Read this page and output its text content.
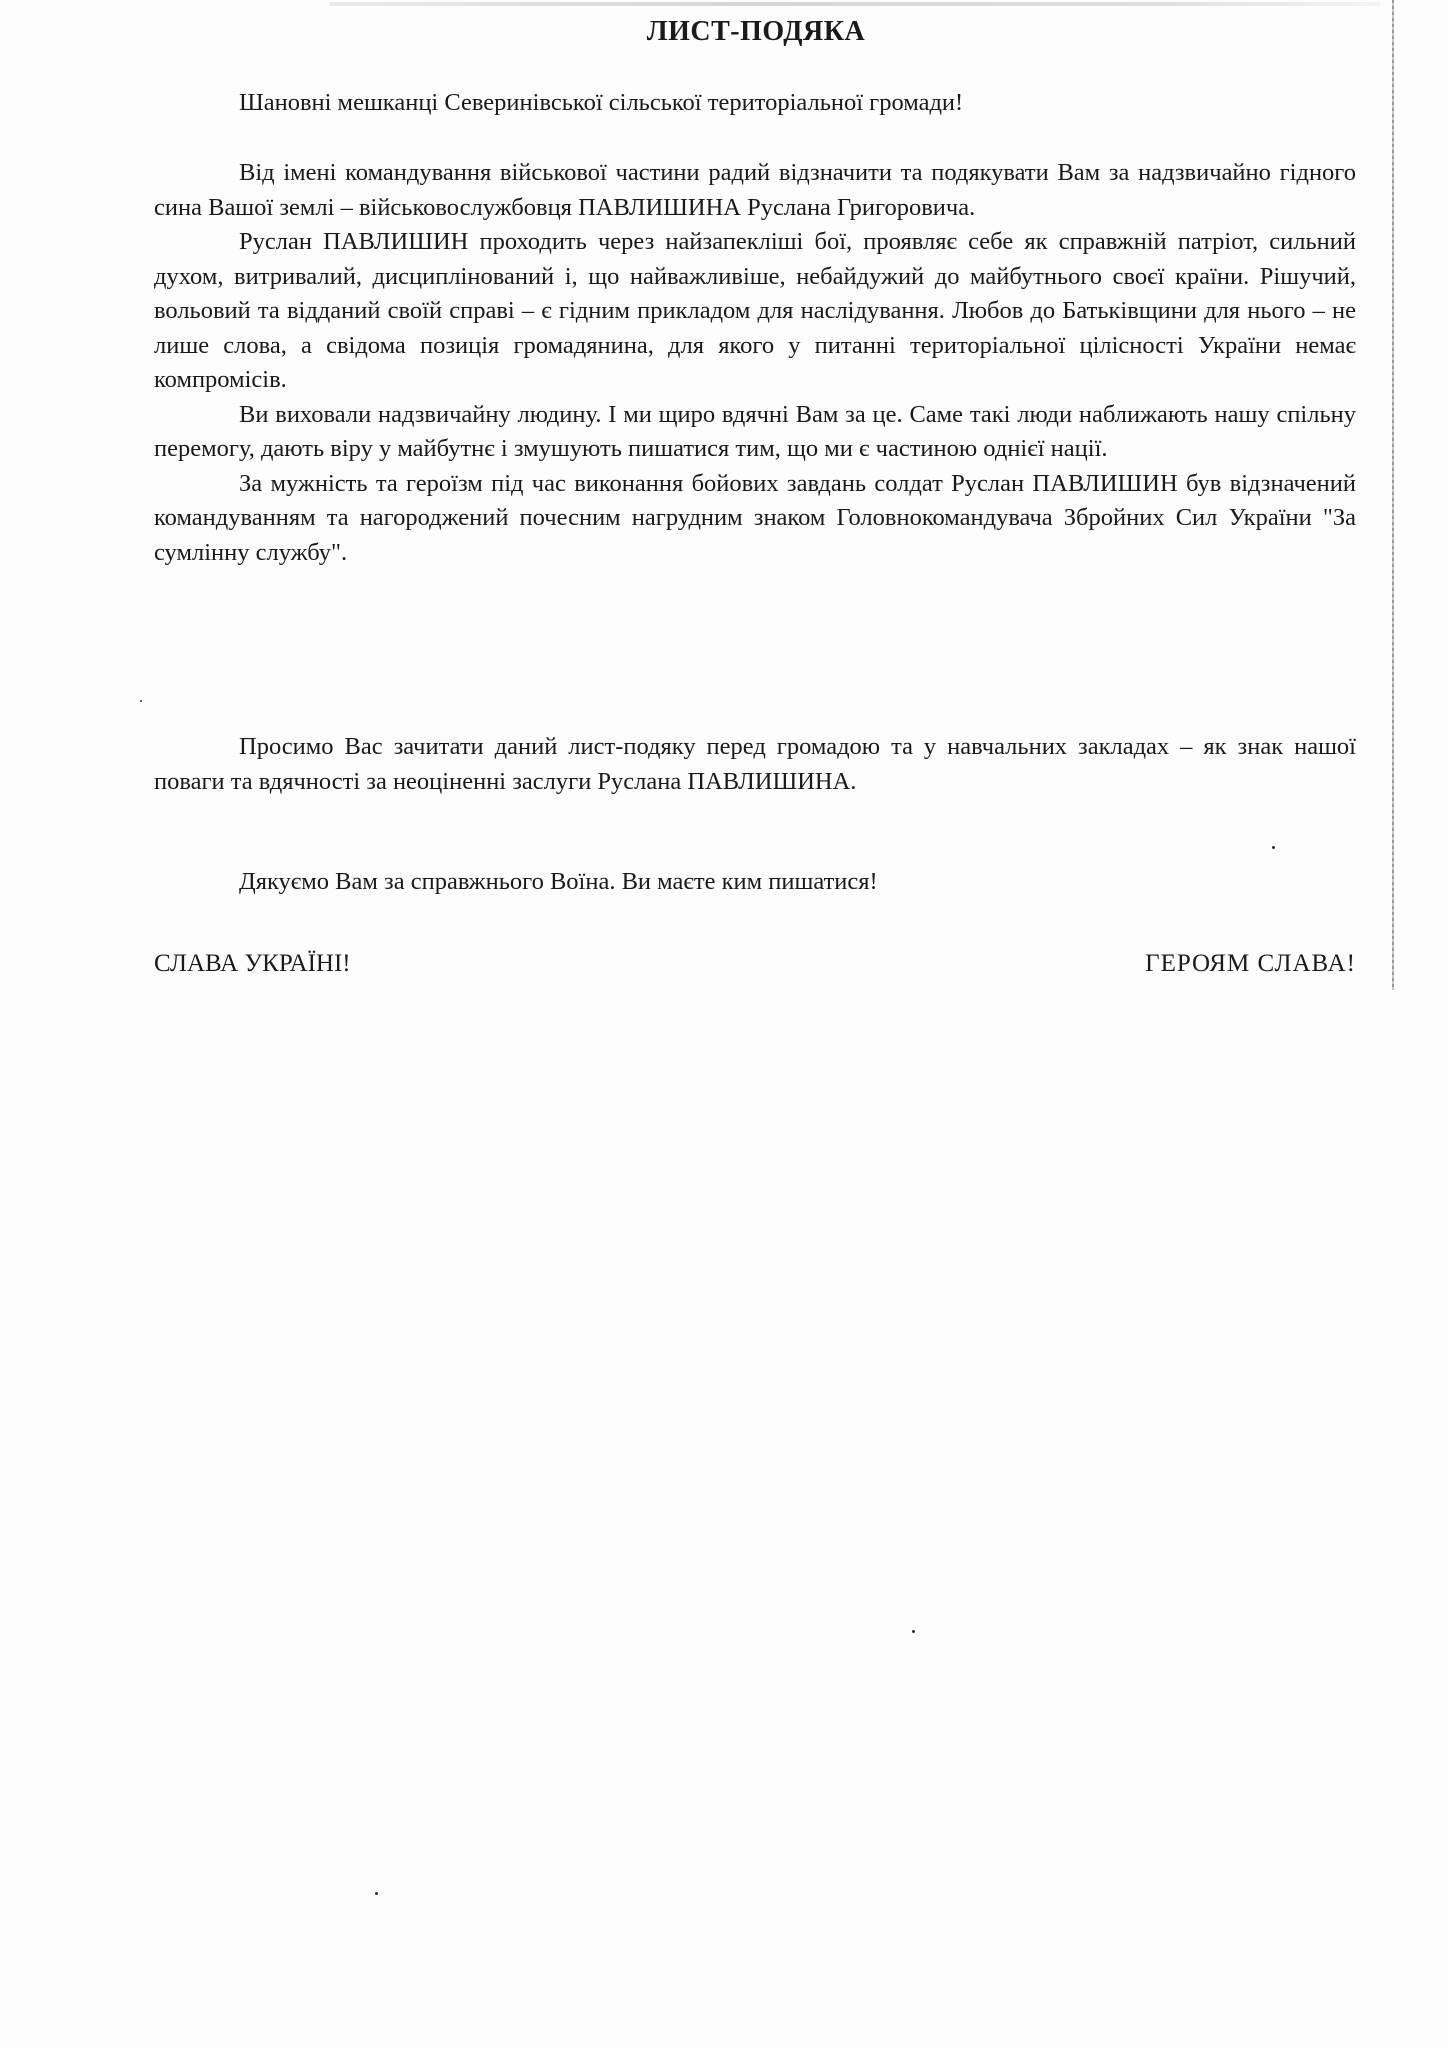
ЛИСТ-ПОДЯКА

Шановні мешканці Северинівської сільської територіальної громади!

Від імені командування військової частини радий відзначити та подякувати Вам за надзвичайно гідного сина Вашої землі – військовослужбовця ПАВЛИШИНА Руслана Григоровича.

Руслан ПАВЛИШИН проходить через найзапекліші бої, проявляє себе як справжній патріот, сильний духом, витривалий, дисциплінований і, що найважливіше, небайдужий до майбутнього своєї країни. Рішучий, вольовий та відданий своїй справі – є гідним прикладом для наслідування. Любов до Батьківщини для нього – не лише слова, а свідома позиція громадянина, для якого у питанні територіальної цілісності України немає компромісів.

Ви виховали надзвичайну людину. І ми щиро вдячні Вам за це. Саме такі люди наближають нашу спільну перемогу, дають віру у майбутнє і змушують пишатися тим, що ми є частиною однієї нації.

За мужність та героїзм під час виконання бойових завдань солдат Руслан ПАВЛИШИН був відзначений командуванням та нагороджений почесним нагрудним знаком Головнокомандувача Збройних Сил України "За сумлінну службу".

Просимо Вас зачитати даний лист-подяку перед громадою та у навчальних закладах – як знак нашої поваги та вдячності за неоціненні заслуги Руслана ПАВЛИШИНА.

Дякуємо Вам за справжнього Воїна. Ви маєте ким пишатися!

СЛАВА УКРАЇНІ!	ГЕРОЯМ СЛАВА!
